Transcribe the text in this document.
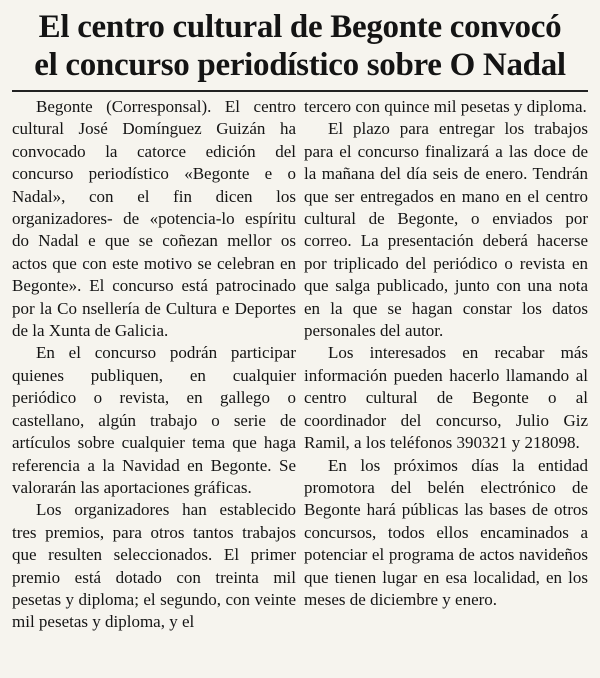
El centro cultural de Begonte convocó
el concurso periodístico sobre O Nadal

Begonte (Corresponsal). El centro cultural José Domínguez Guizán ha convocado la catorce edición del concurso periodístico «Begonte e o Nadal», con el fin dicen los organizadores- de «potencia-lo espíritu do Nadal e que se coñezan mellor os actos que con este motivo se celebran en Begonte». El concurso está patrocinado por la Co nsellería de Cultura e Deportes de la Xunta de Galicia.

En el concurso podrán participar quienes publiquen, en cualquier periódico o revista, en gallego o castellano, algún trabajo o serie de artículos sobre cualquier tema que haga referencia a la Navidad en Begonte. Se valorarán las aportaciones gráficas.

Los organizadores han establecido tres premios, para otros tantos trabajos que resulten seleccionados. El primer premio está dotado con treinta mil pesetas y diploma; el segundo, con veinte mil pesetas y diploma, y el

tercero con quince mil pesetas y diploma.

El plazo para entregar los trabajos para el concurso finalizará a las doce de la mañana del día seis de enero. Tendrán que ser entregados en mano en el centro cultural de Begonte, o enviados por correo. La presentación deberá hacerse por triplicado del periódico o revista en que salga publicado, junto con una nota en la que se hagan constar los datos personales del autor.

Los interesados en recabar más información pueden hacerlo llamando al centro cultural de Begonte o al coordinador del concurso, Julio Giz Ramil, a los teléfonos 390321 y 218098.

En los próximos días la entidad promotora del belén electrónico de Begonte hará públicas las bases de otros concursos, todos ellos encaminados a potenciar el programa de actos navideños que tienen lugar en esa localidad, en los meses de diciembre y enero.
